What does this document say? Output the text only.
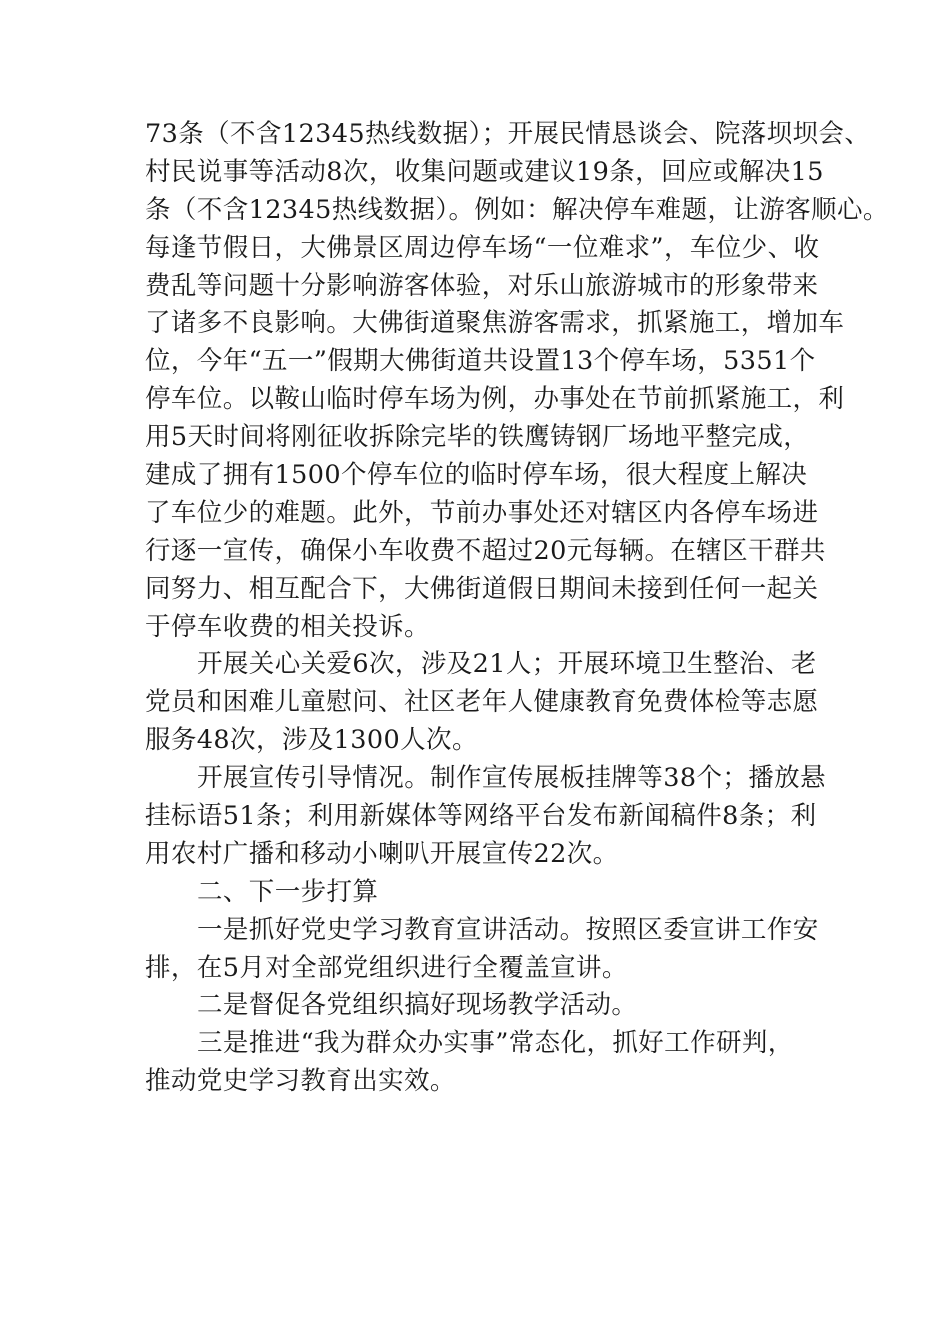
73条（不含12345热线数据）；开展民情恳谈会、院落坝坝会、
村民说事等活动8次，收集问题或建议19条，回应或解决15
条（不含12345热线数据）。例如：解决停车难题，让游客顺心。
每逢节假日，大佛景区周边停车场“一位难求”，车位少、收
费乱等问题十分影响游客体验，对乐山旅游城市的形象带来
了诸多不良影响。大佛街道聚焦游客需求，抓紧施工，增加车
位，今年“五一”假期大佛街道共设置13个停车场，5351个
停车位。以鞍山临时停车场为例，办事处在节前抓紧施工，利
用5天时间将刚征收拆除完毕的铁鹰铸钢厂场地平整完成，
建成了拥有1500个停车位的临时停车场，很大程度上解决
了车位少的难题。此外，节前办事处还对辖区内各停车场进
行逐一宣传，确保小车收费不超过20元每辆。在辖区干群共
同努力、相互配合下，大佛街道假日期间未接到任何一起关
于停车收费的相关投诉。
开展关心关爱6次，涉及21人；开展环境卫生整治、老
党员和困难儿童慰问、社区老年人健康教育免费体检等志愿
服务48次，涉及1300人次。
开展宣传引导情况。制作宣传展板挂牌等38个；播放悬
挂标语51条；利用新媒体等网络平台发布新闻稿件8条；利
用农村广播和移动小喇叭开展宣传22次。
二、下一步打算
一是抓好党史学习教育宣讲活动。按照区委宣讲工作安
排，在5月对全部党组织进行全覆盖宣讲。
二是督促各党组织搞好现场教学活动。
三是推进“我为群众办实事”常态化，抓好工作研判，
推动党史学习教育出实效。
